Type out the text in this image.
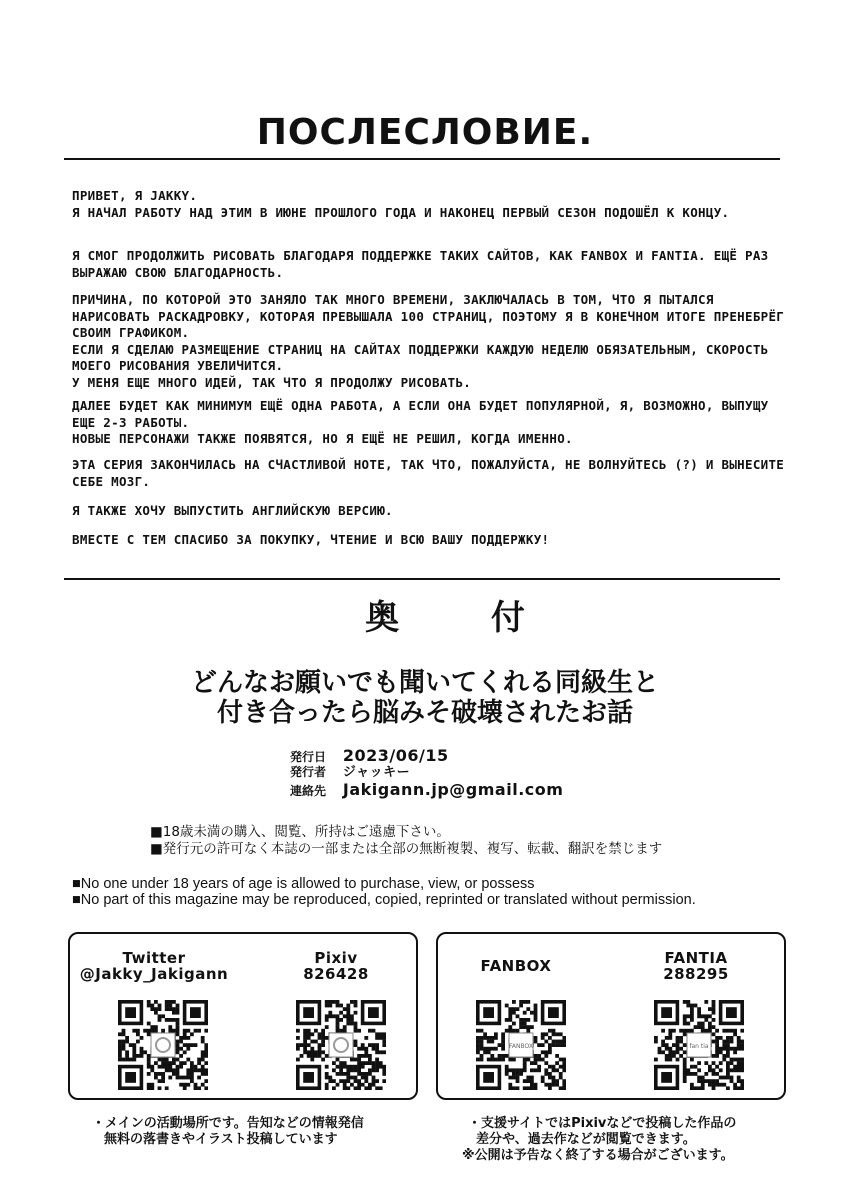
ПОСЛЕСЛОВИЕ.
ПРИВЕТ, Я JAKKY.
Я НАЧАЛ РАБОТУ НАД ЭТИМ В ИЮНЕ ПРОШЛОГО ГОДА И НАКОНЕЦ ПЕРВЫЙ СЕЗОН ПОДОШЁЛ К КОНЦУ.
Я СМОГ ПРОДОЛЖИТЬ РИСОВАТЬ БЛАГОДАРЯ ПОДДЕРЖКЕ ТАКИХ САЙТОВ, КАК FANBOX И FANTIA. ЕЩЁ РАЗ ВЫРАЖАЮ СВОЮ БЛАГОДАРНОСТЬ.
ПРИЧИНА, ПО КОТОРОЙ ЭТО ЗАНЯЛО ТАК МНОГО ВРЕМЕНИ, ЗАКЛЮЧАЛАСЬ В ТОМ, ЧТО Я ПЫТАЛСЯ НАРИСОВАТЬ РАСКАДРОВКУ, КОТОРАЯ ПРЕВЫШАЛА 100 СТРАНИЦ, ПОЭТОМУ Я В КОНЕЧНОМ ИТОГЕ ПРЕНЕБРЁГ СВОИМ ГРАФИКОМ.
ЕСЛИ Я СДЕЛАЮ РАЗМЕЩЕНИЕ СТРАНИЦ НА САЙТАХ ПОДДЕРЖКИ КАЖДУЮ НЕДЕЛЮ ОБЯЗАТЕЛЬНЫМ, СКОРОСТЬ МОЕГО РИСОВАНИЯ УВЕЛИЧИТСЯ.
У МЕНЯ ЕЩЕ МНОГО ИДЕЙ, ТАК ЧТО Я ПРОДОЛЖУ РИСОВАТЬ.
ДАЛЕЕ БУДЕТ КАК МИНИМУМ ЕЩЁ ОДНА РАБОТА, А ЕСЛИ ОНА БУДЕТ ПОПУЛЯРНОЙ, Я, ВОЗМОЖНО, ВЫПУЩУ ЕЩЕ 2-3 РАБОТЫ.
НОВЫЕ ПЕРСОНАЖИ ТАКЖЕ ПОЯВЯТСЯ, НО Я ЕЩЁ НЕ РЕШИЛ, КОГДА ИМЕННО.
ЭТА СЕРИЯ ЗАКОНЧИЛАСЬ НА СЧАСТЛИВОЙ НОТЕ, ТАК ЧТО, ПОЖАЛУЙСТА, НЕ ВОЛНУЙТЕСЬ (?) И ВЫНЕСИТЕ СЕБЕ МОЗГ.
Я ТАКЖЕ ХОЧУ ВЫПУСТИТЬ АНГЛИЙСКУЮ ВЕРСИЮ.
ВМЕСТЕ С ТЕМ СПАСИБО ЗА ПОКУПКУ, ЧТЕНИЕ И ВСЮ ВАШУ ПОДДЕРЖКУ!
奥 付
どんなお願いでも聞いてくれる同級生と
付き合ったら脳みそ破壊されたお話
発行日 2023/06/15
発行者 ジャッキー
連絡先 Jakigann.jp@gmail.com
■18歳未満の購入、閲覧、所持はご遠慮下さい。
■発行元の許可なく本誌の一部または全部の無断複製、複写、転載、翻訳を禁じます
■No one under 18 years of age is allowed to purchase, view, or possess
■No part of this magazine may be reproduced, copied, reprinted or translated without permission.
Twitter
@Jakky_Jakigann
Pixiv
826428	FANBOX	FANTIA
288295
FANBOX	fan tia
・メインの活動場所です。告知などの情報発信
無料の落書きやイラスト投稿しています
・支援サイトではPixivなどで投稿した作品の
差分や、過去作などが閲覧できます。
※公開は予告なく終了する場合がございます。
